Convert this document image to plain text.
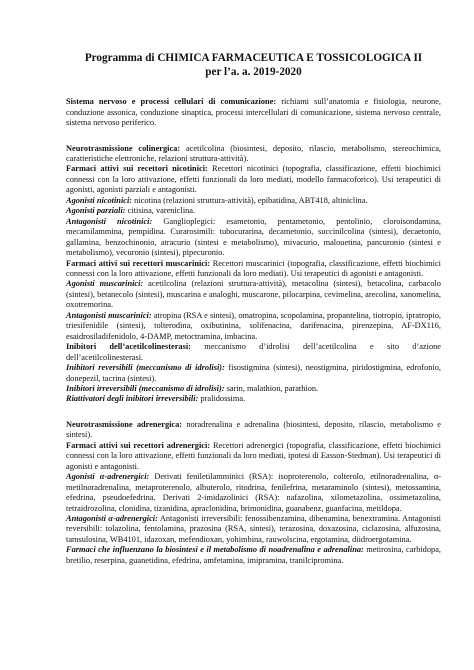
Programma di CHIMICA FARMACEUTICA E TOSSICOLOGICA II
per l’a. a. 2019-2020

Sistema nervoso e processi cellulari di comunicazione: richiami sull’anatomia e fisiologia, neurone, conduzione assonica, conduzione sinaptica, processi intercellulari di comunicazione, sistema nervoso centrale, sistema nervoso periferico.

Neurotrasmissione colinergica: acetilcolina (biosintesi, deposito, rilascio, metabolismo, stereochimica, caratteristiche elettroniche, relazioni struttura-attività).

Farmaci attivi sui recettori nicotinici: Recettori nicotinici (topografia, classificazione, effetti biochimici connessi con la loro attivazione, effetti funzionali da loro mediati, modello farmacoforico). Usi terapeutici di agonisti, agonisti parziali e antagonisti.

Agonisti nicotinici: nicotina (relazioni struttura-attività), epibatidina, ABT418, altiniclina.

Agonisti parziali: citisina, vareniclina.

Antagonisti nicotinici: Ganglioplegici: esametonio, pentametonio, pentolinio, cloroisondamina, mecamilammina, pempidina. Curarosimili: tubocurarina, decametonio, succinilcolina (sintesi), decaetonio, gallamina, benzochinonio, atracurio (sintesi e metabolismo), mivacurio, malouetina, pancuronio (sintesi e metabolismo), vecuronio (sintesi), pipecuronio.

Farmaci attivi sui recettori muscarinici: Recettori muscarinici (topografia, classificazione, effetti biochimici connessi con la loro attivazione, effetti funzionali da loro mediati). Usi terapeutici di agonisti e antagonisti.

Agonisti muscarinici: acetilcolina (relazioni struttura-attività), metacolina (sintesi), betacolina, carbacolo (sintesi), betanecolo (sintesi), muscarina e analoghi, muscarone, pilocarpina, cevimelina, arecolina, xanomelina, oxotremorina.

Antagonisti muscarinici: atropina (RSA e sintesi), omatropina, scopolamina, propantelina, tiotropio, ipratropio, triesifenidile (sintesi), tolterodina, oxibutinina, solifenacina, darifenacina, pirenzepina, AF-DX116, esaidrosiladifenidolo, 4-DAMP, metoctramina, imbacina.

Inibitori dell’acetilcolinesterasi: meccanismo d’idrolisi dell’acetilcolina e sito d’azione dell’acetilcolinesterasi.

Inibitori reversibili (meccanismo di idrolisi): fisostigmina (sintesi), neostigmina, piridostigmina, edrofonio, donepezil, tacrina (sintesi).

Inibitori irreversibili (meccanismo di idrolisi): sarin, malathion, parathion.

Riattivatori degli inibitori irreversibili: pralidossima.

Neurotrasmissione adrenergica: noradrenalina e adrenalina (biosintesi, deposito, rilascio, metabolismo e sintesi).

Farmaci attivi sui recettori adrenergici: Recettori adrenergici (topografia, classificazione, effetti biochimici connessi con la loro attivazione, effetti funzionali da loro mediati, ipotesi di Easson-Stedman). Usi terapeutici di agonisti e antagonisti.

Agonisti α-adrenergici: Derivati feniletilamminici (RSA): isoproterenolo, colterolo, etilnoradrenalina, α-metilnoradrenalina, metaproterenolo, albuterolo, ritodrina, fenilefrina, metaraminolo (sintesi), metossamina, efedrina, pseudoefedrina. Derivati 2-imidazolinici (RSA): nafazolina, xilometazolina, ossimetazolina, tetraidrozolina, clonidina, tizanidina, apraclonidina, brimonidina, guanabenz, guanfacina, metildopa.

Antagonisti α-adrenergici: Antagonisti irreversibili: fenossibenzamina, dibenamina, benextramina. Antagonisti reversibili: tolazolina, fentolamina, prazosina (RSA, sintesi), terazosina, doxazosina, ciclazosina, alfuzosina, tamsulosina, WB4101, idazoxan, mefendioxan, yohimbina, rauwolscina, ergotamina, diidroergotamina.

Farmaci che influenzano la biosintesi e il metabolismo di noadrenalina e adrenalina: metirosina, carbidopa, bretilio, reserpina, guanetidina, efedrina, amfetamina, imipramina, tranilcipromina.
